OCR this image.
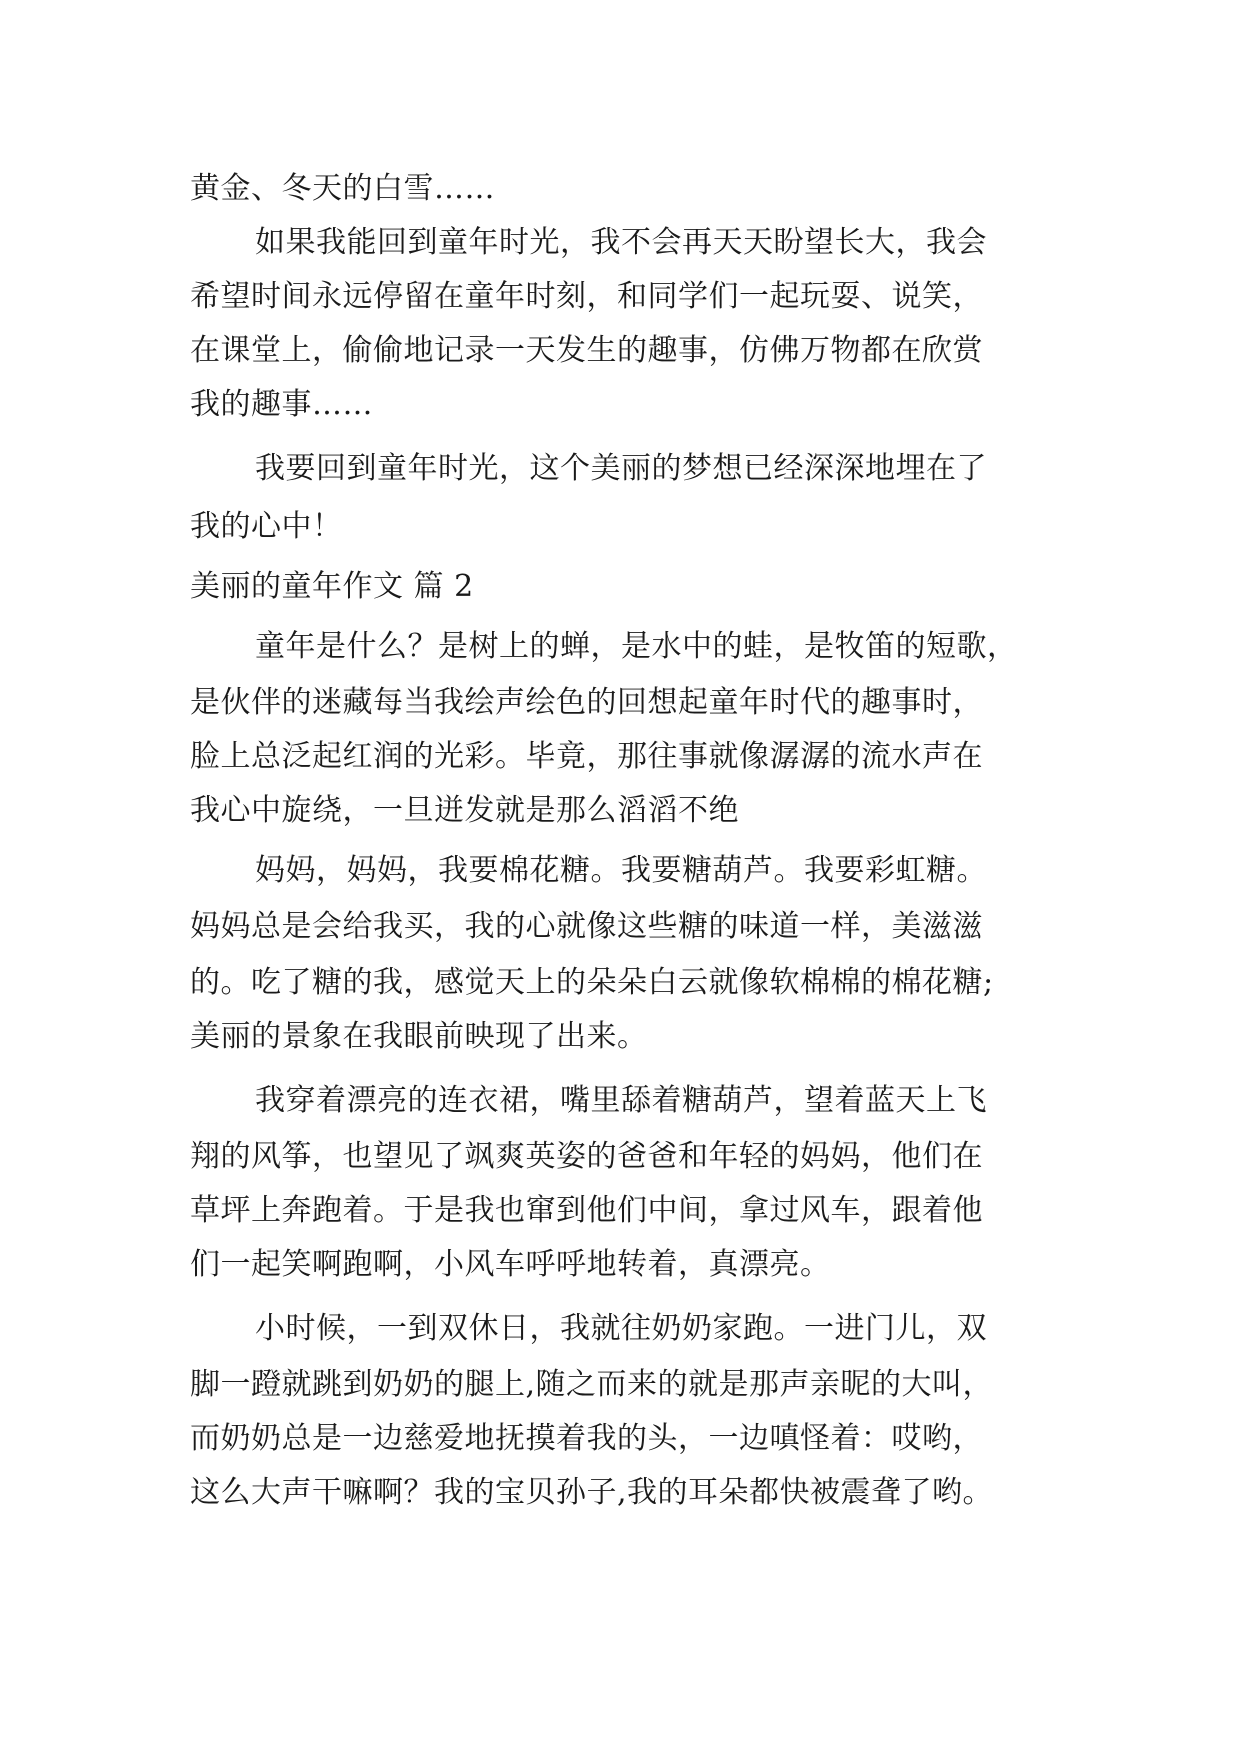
黄金、冬天的白雪……
如果我能回到童年时光，我不会再天天盼望长大，我会
希望时间永远停留在童年时刻，和同学们一起玩耍、说笑，
在课堂上，偷偷地记录一天发生的趣事，仿佛万物都在欣赏
我的趣事……
我要回到童年时光，这个美丽的梦想已经深深地埋在了
我的心中！
美丽的童年作文 篇 2
童年是什么？是树上的蝉，是水中的蛙，是牧笛的短歌，
是伙伴的迷藏每当我绘声绘色的回想起童年时代的趣事时，
脸上总泛起红润的光彩。毕竟，那往事就像潺潺的流水声在
我心中旋绕，一旦迸发就是那么滔滔不绝
妈妈，妈妈，我要棉花糖。我要糖葫芦。我要彩虹糖。
妈妈总是会给我买，我的心就像这些糖的味道一样，美滋滋
的。吃了糖的我，感觉天上的朵朵白云就像软棉棉的棉花糖;
美丽的景象在我眼前映现了出来。
我穿着漂亮的连衣裙，嘴里舔着糖葫芦，望着蓝天上飞
翔的风筝，也望见了飒爽英姿的爸爸和年轻的妈妈，他们在
草坪上奔跑着。于是我也窜到他们中间，拿过风车，跟着他
们一起笑啊跑啊，小风车呼呼地转着，真漂亮。
小时候，一到双休日，我就往奶奶家跑。一进门儿，双
脚一蹬就跳到奶奶的腿上,随之而来的就是那声亲昵的大叫，
而奶奶总是一边慈爱地抚摸着我的头，一边嗔怪着：哎哟，
这么大声干嘛啊？我的宝贝孙子,我的耳朵都快被震聋了哟。
